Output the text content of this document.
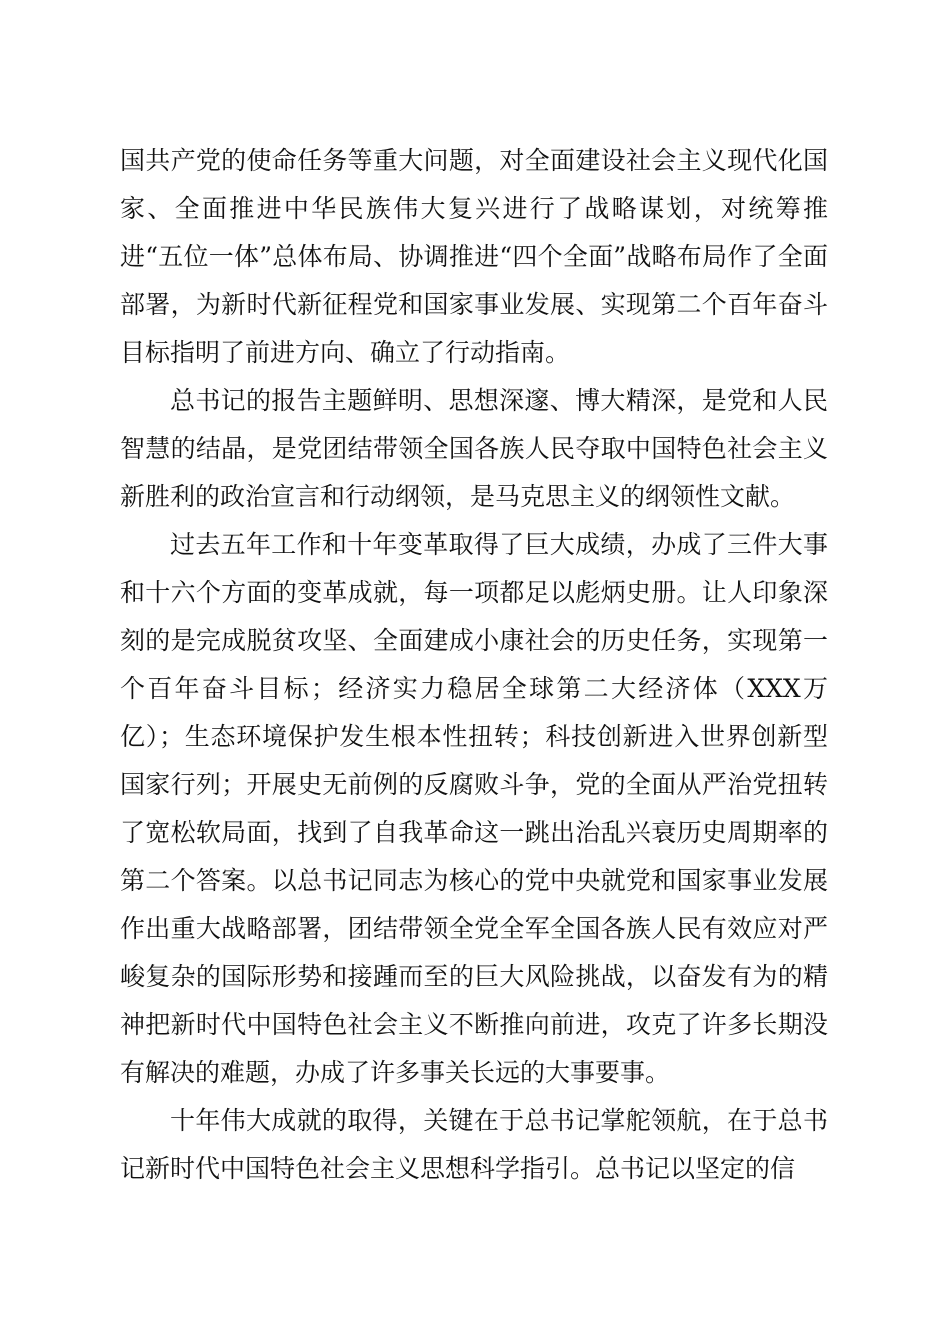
国共产党的使命任务等重大问题，对全面建设社会主义现代化国家、全面推进中华民族伟大复兴进行了战略谋划，对统筹推进“五位一体”总体布局、协调推进“四个全面”战略布局作了全面部署，为新时代新征程党和国家事业发展、实现第二个百年奋斗目标指明了前进方向、确立了行动指南。

总书记的报告主题鲜明、思想深邃、博大精深，是党和人民智慧的结晶，是党团结带领全国各族人民夺取中国特色社会主义新胜利的政治宣言和行动纲领，是马克思主义的纲领性文献。

过去五年工作和十年变革取得了巨大成绩，办成了三件大事和十六个方面的变革成就，每一项都足以彪炳史册。让人印象深刻的是完成脱贫攻坚、全面建成小康社会的历史任务，实现第一个百年奋斗目标；经济实力稳居全球第二大经济体（XXX万亿）；生态环境保护发生根本性扭转；科技创新进入世界创新型国家行列；开展史无前例的反腐败斗争，党的全面从严治党扭转了宽松软局面，找到了自我革命这一跳出治乱兴衰历史周期率的第二个答案。以总书记同志为核心的党中央就党和国家事业发展作出重大战略部署，团结带领全党全军全国各族人民有效应对严峻复杂的国际形势和接踵而至的巨大风险挑战，以奋发有为的精神把新时代中国特色社会主义不断推向前进，攻克了许多长期没有解决的难题，办成了许多事关长远的大事要事。

十年伟大成就的取得，关键在于总书记掌舵领航，在于总书记新时代中国特色社会主义思想科学指引。总书记以坚定的信
